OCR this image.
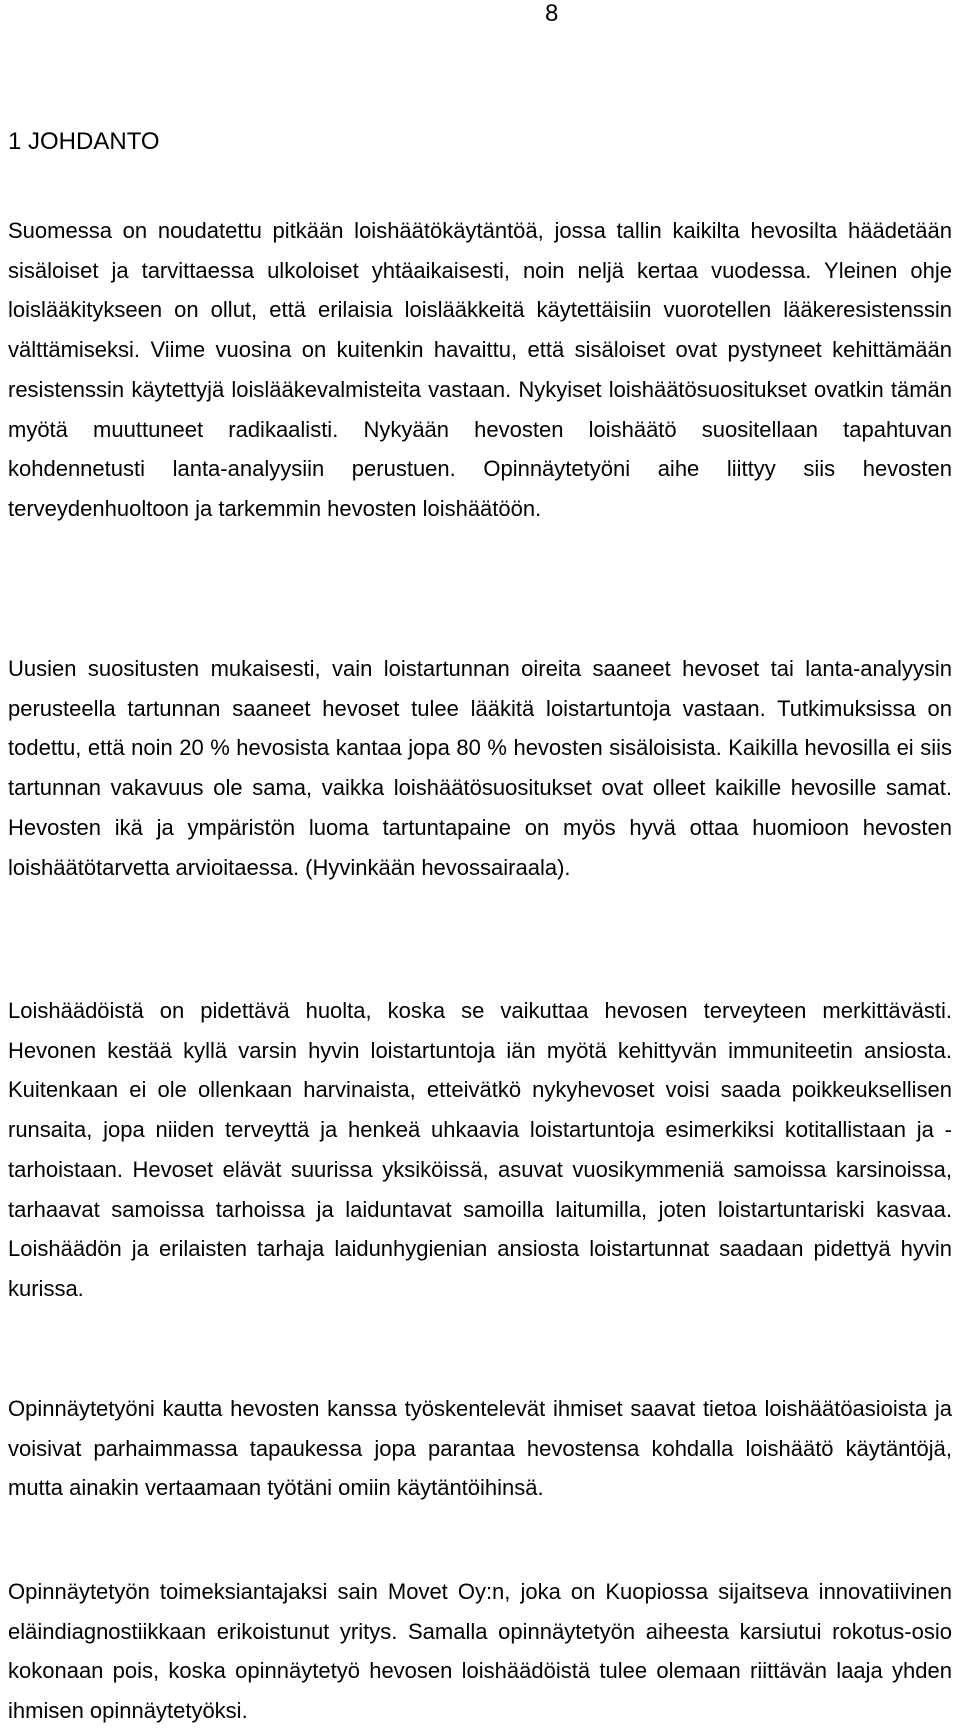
8
1 JOHDANTO

Suomessa on noudatettu pitkään loishäätökäytäntöä, jossa tallin kaikilta hevosilta häädetään sisäloiset ja tarvittaessa ulkoloiset yhtäaikaisesti, noin neljä kertaa vuodessa. Yleinen ohje loislääkitykseen on ollut, että erilaisia loislääkkeitä käytettäisiin vuorotellen lääkeresistenssin välttämiseksi. Viime vuosina on kuitenkin havaittu, että sisäloiset ovat pystyneet kehittämään resistenssin käytettyjä loislääkevalmisteita vastaan. Nykyiset loishäätösuositukset ovatkin tämän myötä muuttuneet radikaalisti. Nykyään hevosten loishäätö suositellaan tapahtuvan kohdennetusti lanta-analyysiin perustuen. Opinnäytetyöni aihe liittyy siis hevosten terveydenhuoltoon ja tarkemmin hevosten loishäätöön.

Uusien suositusten mukaisesti, vain loistartunnan oireita saaneet hevoset tai lanta-analyysin perusteella tartunnan saaneet hevoset tulee lääkitä loistartuntoja vastaan. Tutkimuksissa on todettu, että noin 20 % hevosista kantaa jopa 80 % hevosten sisäloisista. Kaikilla hevosilla ei siis tartunnan vakavuus ole sama, vaikka loishäätösuositukset ovat olleet kaikille hevosille samat. Hevosten ikä ja ympäristön luoma tartuntapaine on myös hyvä ottaa huomioon hevosten loishäätötarvetta arvioitaessa. (Hyvinkään hevossairaala).

Loishäädöistä on pidettävä huolta, koska se vaikuttaa hevosen terveyteen merkittävästi. Hevonen kestää kyllä varsin hyvin loistartuntoja iän myötä kehittyvän immuniteetin ansiosta. Kuitenkaan ei ole ollenkaan harvinaista, etteivätkö nykyhevoset voisi saada poikkeuksellisen runsaita, jopa niiden terveyttä ja henkeä uhkaavia loistartuntoja esimerkiksi kotitallistaan ja -tarhoistaan. Hevoset elävät suurissa yksiköissä, asuvat vuosikymmeniä samoissa karsinoissa, tarhaavat samoissa tarhoissa ja laiduntavat samoilla laitumilla, joten loistartuntariski kasvaa. Loishäädön ja erilaisten tarhaja laidunhygienian ansiosta loistartunnat saadaan pidettyä hyvin kurissa.

Opinnäytetyöni kautta hevosten kanssa työskentelevät ihmiset saavat tietoa loishäätöasioista ja voisivat parhaimmassa tapaukessa jopa parantaa hevostensa kohdalla loishäätö käytäntöjä, mutta ainakin vertaamaan työtäni omiin käytäntöihinsä.

Opinnäytetyön toimeksiantajaksi sain Movet Oy:n, joka on Kuopiossa sijaitseva innovatiivinen eläindiagnostiikkaan erikoistunut yritys. Samalla opinnäytetyön aiheesta karsiutui rokotus-osio kokonaan pois, koska opinnäytetyö hevosen loishäädöistä tulee olemaan riittävän laaja yhden ihmisen opinnäytetyöksi.
